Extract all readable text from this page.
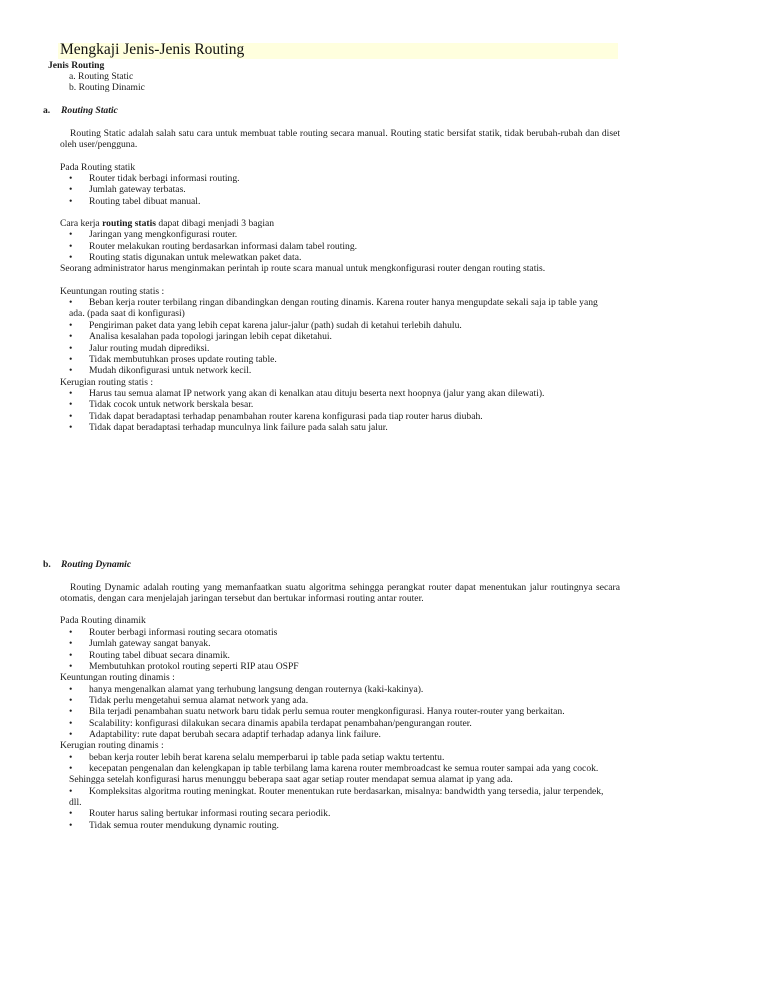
Mengkaji Jenis-Jenis Routing
Jenis Routing
a. Routing Static
b. Routing Dinamic
a. Routing Static
Routing Static adalah salah satu cara untuk membuat table routing secara manual. Routing static bersifat statik, tidak berubah-rubah dan diset oleh user/pengguna.
Pada Routing statik
• Router tidak berbagi informasi routing.
• Jumlah gateway terbatas.
• Routing tabel dibuat manual.
Cara kerja routing statis dapat dibagi menjadi 3 bagian
• Jaringan yang mengkonfigurasi router.
• Router melakukan routing berdasarkan informasi dalam tabel routing.
• Routing statis digunakan untuk melewatkan paket data.
Seorang administrator harus menginmakan perintah ip route scara manual untuk mengkonfigurasi router dengan routing statis.
Keuntungan routing statis :
• Beban kerja router terbilang ringan dibandingkan dengan routing dinamis. Karena router hanya mengupdate sekali saja ip table yang
ada. (pada saat di konfigurasi)
• Pengiriman paket data yang lebih cepat karena jalur-jalur (path) sudah di ketahui terlebih dahulu.
• Analisa kesalahan pada topologi jaringan lebih cepat diketahui.
• Jalur routing mudah diprediksi.
• Tidak membutuhkan proses update routing table.
• Mudah dikonfigurasi untuk network kecil.
Kerugian routing statis :
• Harus tau semua alamat IP network yang akan di kenalkan atau dituju beserta next hoopnya (jalur yang akan dilewati).
• Tidak cocok untuk network berskala besar.
• Tidak dapat beradaptasi terhadap penambahan router karena konfigurasi pada tiap router harus diubah.
• Tidak dapat beradaptasi terhadap munculnya link failure pada salah satu jalur.
b. Routing Dynamic
Routing Dynamic adalah routing yang memanfaatkan suatu algoritma sehingga perangkat router dapat menentukan jalur routingnya secara otomatis, dengan cara menjelajah jaringan tersebut dan bertukar informasi routing antar router.
Pada Routing dinamik
• Router berbagi informasi routing secara otomatis
• Jumlah gateway sangat banyak.
• Routing tabel dibuat secara dinamik.
• Membutuhkan protokol routing seperti RIP atau OSPF
Keuntungan routing dinamis :
• hanya mengenalkan alamat yang terhubung langsung dengan routernya (kaki-kakinya).
• Tidak perlu mengetahui semua alamat network yang ada.
• Bila terjadi penambahan suatu network baru tidak perlu semua router mengkonfigurasi. Hanya router-router yang berkaitan.
• Scalability: konfigurasi dilakukan secara dinamis apabila terdapat penambahan/pengurangan router.
• Adaptability: rute dapat berubah secara adaptif terhadap adanya link failure.
Kerugian routing dinamis :
• beban kerja router lebih berat karena selalu memperbarui ip table pada setiap waktu tertentu.
• kecepatan pengenalan dan kelengkapan ip table terbilang lama karena router membroadcast ke semua router sampai ada yang cocok.
Sehingga setelah konfigurasi harus menunggu beberapa saat agar setiap router mendapat semua alamat ip yang ada.
• Kompleksitas algoritma routing meningkat. Router menentukan rute berdasarkan, misalnya: bandwidth yang tersedia, jalur terpendek,
dll.
• Router harus saling bertukar informasi routing secara periodik.
• Tidak semua router mendukung dynamic routing.
